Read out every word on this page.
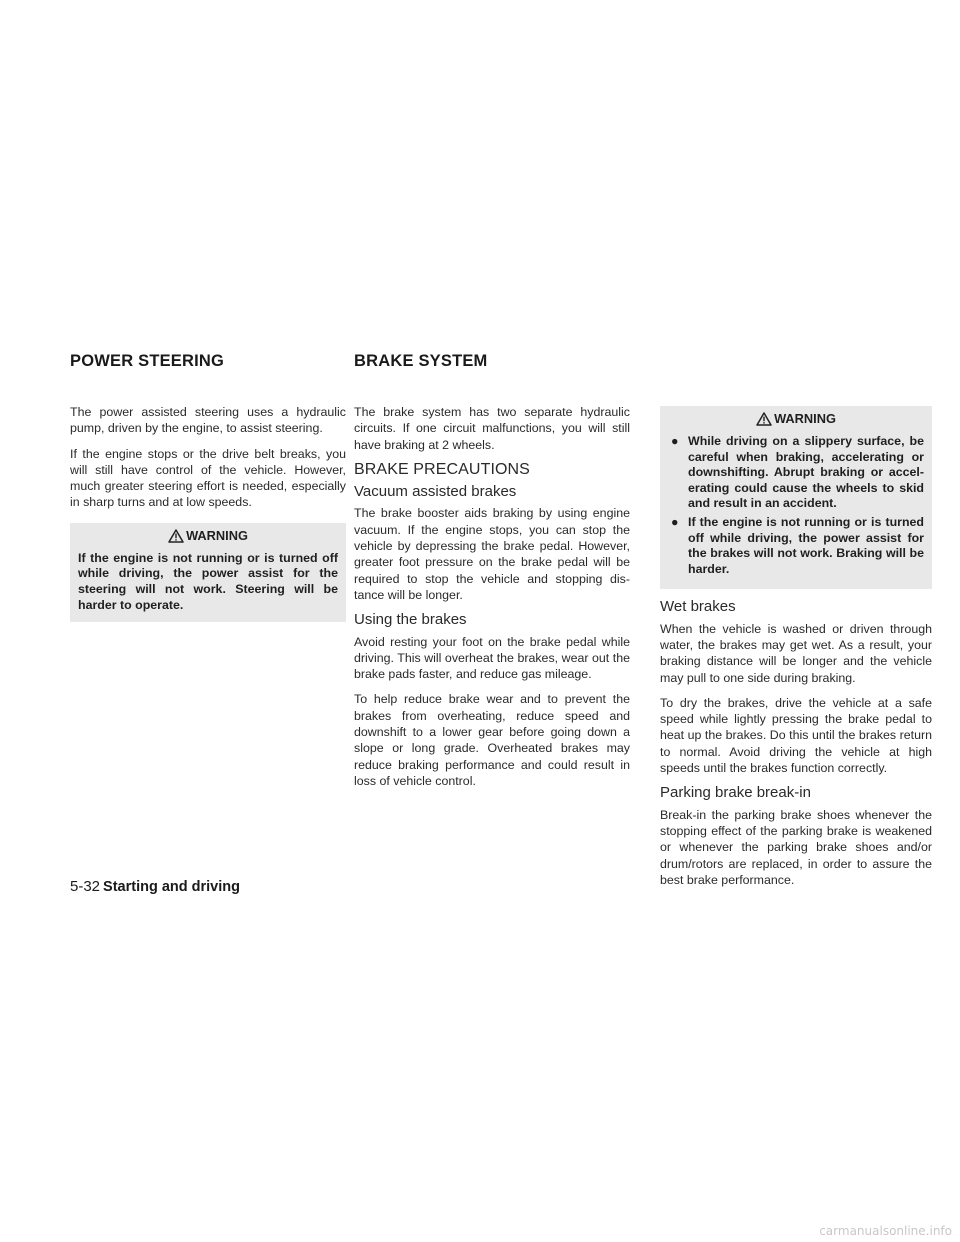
POWER STEERING	BRAKE SYSTEM

The power assisted steering uses a hydraulic pump, driven by the engine, to assist steering.

If the engine stops or the drive belt breaks, you will still have control of the vehicle. However, much greater steering effort is needed, especially in sharp turns and at low speeds.

WARNING

If the engine is not running or is turned off while driving, the power assist for the steering will not work. Steering will be harder to operate.

The brake system has two separate hydraulic circuits. If one circuit malfunctions, you will still have braking at 2 wheels.

BRAKE PRECAUTIONS
Vacuum assisted brakes

The brake booster aids braking by using engine vacuum. If the engine stops, you can stop the vehicle by depressing the brake pedal. However, greater foot pressure on the brake pedal will be required to stop the vehicle and stopping dis- tance will be longer.

Using the brakes

Avoid resting your foot on the brake pedal while driving. This will overheat the brakes, wear out the brake pads faster, and reduce gas mileage.

To help reduce brake wear and to prevent the brakes from overheating, reduce speed and downshift to a lower gear before going down a slope or long grade. Overheated brakes may reduce braking performance and could result in loss of vehicle control.

WARNING
● While driving on a slippery surface, be careful when braking, accelerating or downshifting. Abrupt braking or accel- erating could cause the wheels to skid and result in an accident.
● If the engine is not running or is turned off while driving, the power assist for the brakes will not work. Braking will be harder.
Wet brakes

When the vehicle is washed or driven through water, the brakes may get wet. As a result, your braking distance will be longer and the vehicle may pull to one side during braking.

To dry the brakes, drive the vehicle at a safe speed while lightly pressing the brake pedal to heat up the brakes. Do this until the brakes return to normal. Avoid driving the vehicle at high speeds until the brakes function correctly.

Parking brake break-in

Break-in the parking brake shoes whenever the stopping effect of the parking brake is weakened or whenever the parking brake shoes and/or drum/rotors are replaced, in order to assure the best brake performance.

5-32 Starting and driving
carmanualsonline.info
